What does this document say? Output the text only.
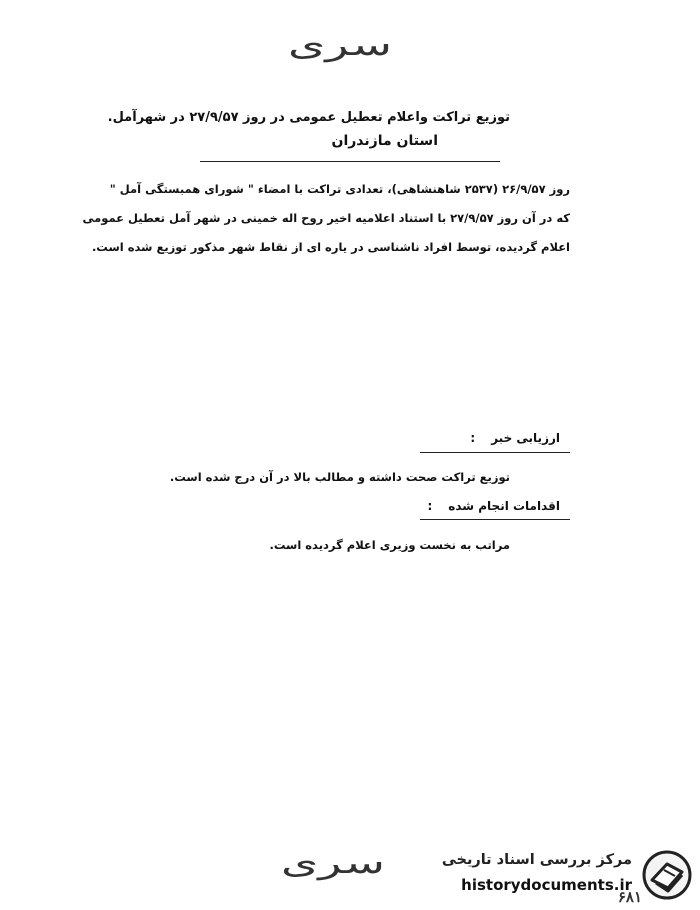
سری
توزیع تراکت واعلام تعطیل عمومی در روز ۲۷/۹/۵۷ در شهرآمل.
استان مازندران
روز ۲۶/۹/۵۷ (۲۵۳۷ شاهنشاهی)، تعدادی تراکت با امضاء " شورای همبستگی آمل "
که در آن روز ۲۷/۹/۵۷ با استناد اعلامیه اخیر روح اله خمینی در شهر آمل تعطیل عمومی
اعلام گردیده، توسط افراد ناشناسی در یاره ای از نقاط شهر مذکور توزیع شده است.
ارزیابی خبر:
توزیع تراکت صحت داشته و مطالب بالا در آن درج شده است.
اقدامات انجام شده:
مراتب به نخست وزیری اعلام گردیده است.
سری
۶۸۱
مرکز بررسی اسناد تاریخی
historydocuments.ir
